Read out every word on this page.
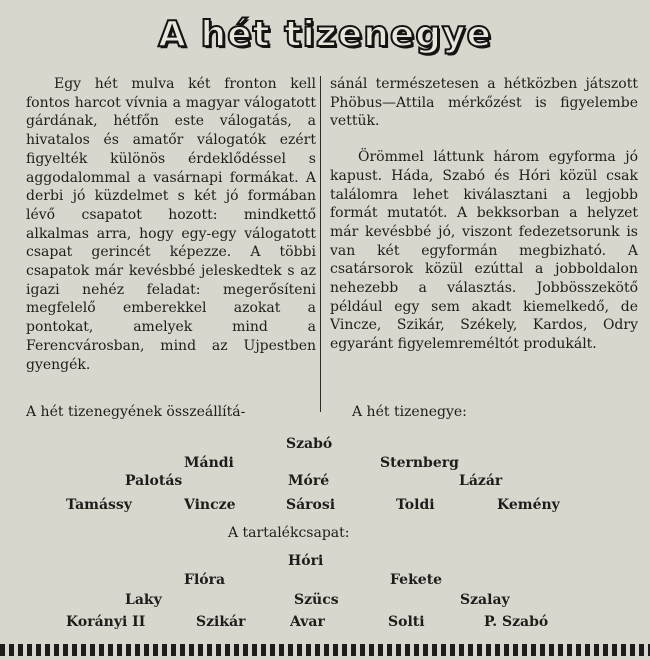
A hét tizenegye

Egy hét mulva két fronton kell fontos harcot vívnia a magyar válogatott gárdának, hétfőn este válogatás, a hivatalos és amatőr válogatók ezért figyelték különös érdeklődéssel s aggodalommal a vasárnapi formákat. A derbi jó küzdelmet s két jó formában lévő csapatot hozott: mindkettő alkalmas arra, hogy egy-egy válogatott csapat gerincét képezze. A többi csapatok már kevésbbé jeleskedtek s az igazi nehéz feladat: megerősíteni megfelelő emberekkel azokat a pontokat, amelyek mind a Ferencvárosban, mind az Ujpestben gyengék.

sánál természetesen a hétközben játszott Phöbus—Attila mérkőzést is figyelembe vettük.

Örömmel láttunk három egyforma jó kapust. Háda, Szabó és Hóri közül csak találomra lehet kiválasztani a legjobb formát mutatót. A bekksorban a helyzet már kevésbbé jó, viszont fedezetsorunk is van két egyformán megbizható. A csatársorok közül ezúttal a jobboldalon nehezebb a választás. Jobbösszekötő például egy sem akadt kiemelkedő, de Vincze, Szikár, Székely, Kardos, Odry egyaránt figyelemreméltót produkált.

A hét tizenegyének összeállítá-	A hét tizenegye:
Szabó
Mándi	Sternberg
Palotás	Móré	Lázár
Tamássy	Vincze	Sárosi	Toldi	Kemény
A tartalékcsapat:
Hóri
Flóra	Fekete
Laky	Szücs	Szalay
Korányi II	Szikár	Avar	Solti	P. Szabó
